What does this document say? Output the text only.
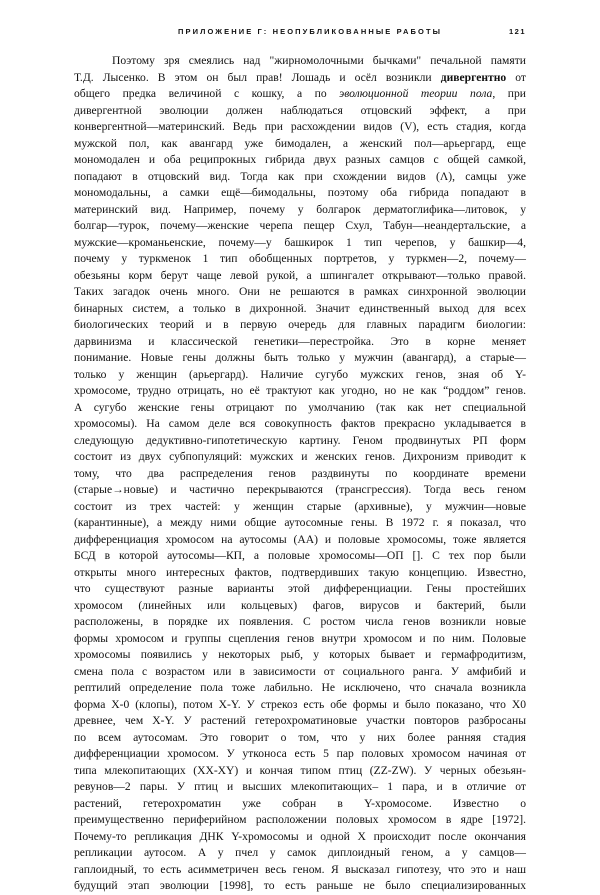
ПРИЛОЖЕНИЕ Г: НЕОПУБЛИКОВАННЫЕ РАБОТЫ	121
Поэтому зря смеялись над "жирномолочными бычками" печальной памяти
Т.Д. Лысенко. В этом он был прав! Лошадь и осёл возникли дивергентно от
общего предка величиной с кошку, а по эволюционной теории пола, при
дивергентной эволюции должен наблюдаться отцовский эффект, а при
конвергентной—материнский. Ведь при расхождении видов (V), есть стадия, когда
мужской пол, как авангард уже бимодален, а женский пол—арьергард, еще
мономодален и оба реципрокных гибрида двух разных самцов с общей самкой,
попадают в отцовский вид. Тогда как при схождении видов (Λ), самцы уже
мономодальны, а самки ещё—бимодальны, поэтому оба гибрида попадают в
материнский вид. Например, почему у болгарок дерматоглифика—литовок, у
болгар—турок, почему—женские черепа пещер Схул, Табун—неандертальские, а
мужские—кроманьенские, почему—у башкирок 1 тип черепов, у башкир—4,
почему у туркменок 1 тип обобщенных портретов, у туркмен—2, почему—
обезьяны корм берут чаще левой рукой, а шпингалет открывают—только правой.
Таких загадок очень много. Они не решаются в рамках синхронной эволюции
бинарных систем, а только в дихронной. Значит единственный выход для всех
биологических теорий и в первую очередь для главных парадигм биологии:
дарвинизма и классической генетики—перестройка. Это в корне меняет
понимание. Новые гены должны быть только у мужчин (авангард), а старые—
только у женщин (арьергард). Наличие сугубо мужских генов, зная об Y-
хромосоме, трудно отрицать, но её трактуют как угодно, но не как “роддом” генов.
А сугубо женские гены отрицают по умолчанию (так как нет специальной
хромосомы). На самом деле вся совокупность фактов прекрасно укладывается в
следующую дедуктивно-гипотетическую картину. Геном продвинутых РП форм
состоит из двух субпопуляций: мужских и женских генов. Дихронизм приводит к
тому, что два распределения генов раздвинуты по координате времени
(старые→новые) и частично перекрываются (трансгрессия). Тогда весь геном
состоит из трех частей: у женщин старые (архивные), у мужчин—новые
(карантинные), а между ними общие аутосомные гены. В 1972 г. я показал, что
дифференциация хромосом на аутосомы (АА) и половые хромосомы, тоже является
БСД в которой аутосомы—КП, а половые хромосомы—ОП []. С тех пор были
открыты много интересных фактов, подтвердивших такую концепцию. Известно,
что существуют разные варианты этой дифференциации. Гены простейших
хромосом (линейных или кольцевых) фагов, вирусов и бактерий, были
расположены, в порядке их появления. С ростом числа генов возникли новые
формы хромосом и группы сцепления генов внутри хромосом и по ним. Половые
хромосомы появились у некоторых рыб, у которых бывает и гермафродитизм,
смена пола с возрастом или в зависимости от социального ранга. У амфибий и
рептилий определение пола тоже лабильно. Не исключено, что сначала возникла
форма X-0 (клопы), потом X-Y. У стрекоз есть обе формы и было показано, что X0
древнее, чем X-Y. У растений гетерохроматиновые участки повторов разбросаны
по всем аутосомам. Это говорит о том, что у них более ранняя стадия
дифференциации хромосом. У утконоса есть 5 пар половых хромосом начиная от
типа млекопитающих (XX-XY) и кончая типом птиц (ZZ-ZW). У черных обезьян-
ревунов—2 пары. У птиц и высших млекопитающих– 1 пара, и в отличие от
растений, гетерохроматин уже собран в Y-хромосоме. Известно о
преимущественно периферийном расположении половых хромосом в ядре [1972].
Почему-то репликация ДНК Y-хромосомы и одной Х происходит после окончания
репликации аутосом. А у пчел у самок диплоидный геном, а у самцов—
гаплоидный, то есть асимметричен весь геном. Я высказал гипотезу, что это и наш
будущий этап эволюции [1998], то есть раньше не было специализированных
